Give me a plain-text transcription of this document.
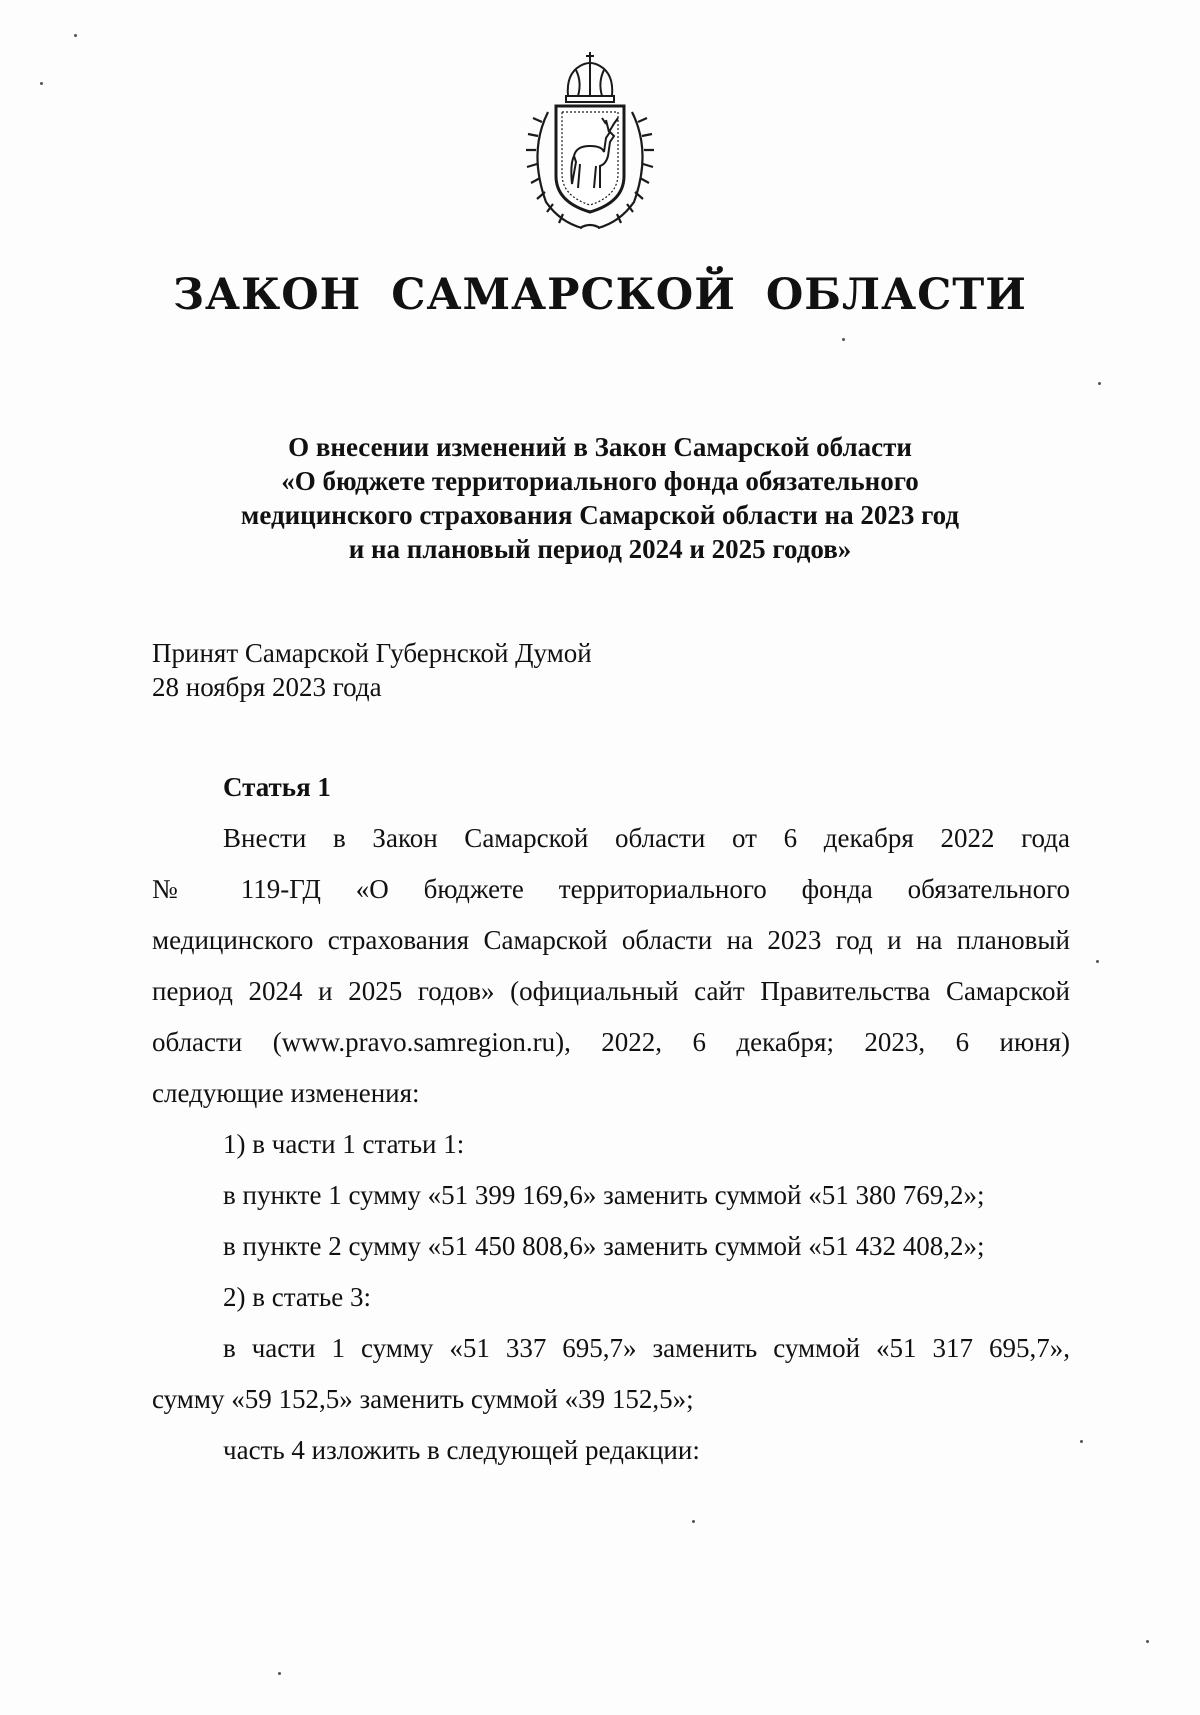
ЗАКОН САМАРСКОЙ ОБЛАСТИ
О внесении изменений в Закон Самарской области
«О бюджете территориального фонда обязательного
медицинского страхования Самарской области на 2023 год
и на плановый период 2024 и 2025 годов»
Принят Самарской Губернской Думой
28 ноября 2023 года
Статья 1
Внести в Закон Самарской области от 6 декабря 2022 года
№ 119-ГД «О бюджете территориального фонда обязательного
медицинского страхования Самарской области на 2023 год и на плановый
период 2024 и 2025 годов» (официальный сайт Правительства Самарской
области (www.pravo.samregion.ru), 2022, 6 декабря; 2023, 6 июня)
следующие изменения:
1) в части 1 статьи 1:
в пункте 1 сумму «51 399 169,6» заменить суммой «51 380 769,2»;
в пункте 2 сумму «51 450 808,6» заменить суммой «51 432 408,2»;
2) в статье 3:
в части 1 сумму «51 337 695,7» заменить суммой «51 317 695,7»,
сумму «59 152,5» заменить суммой «39 152,5»;
часть 4 изложить в следующей редакции:
